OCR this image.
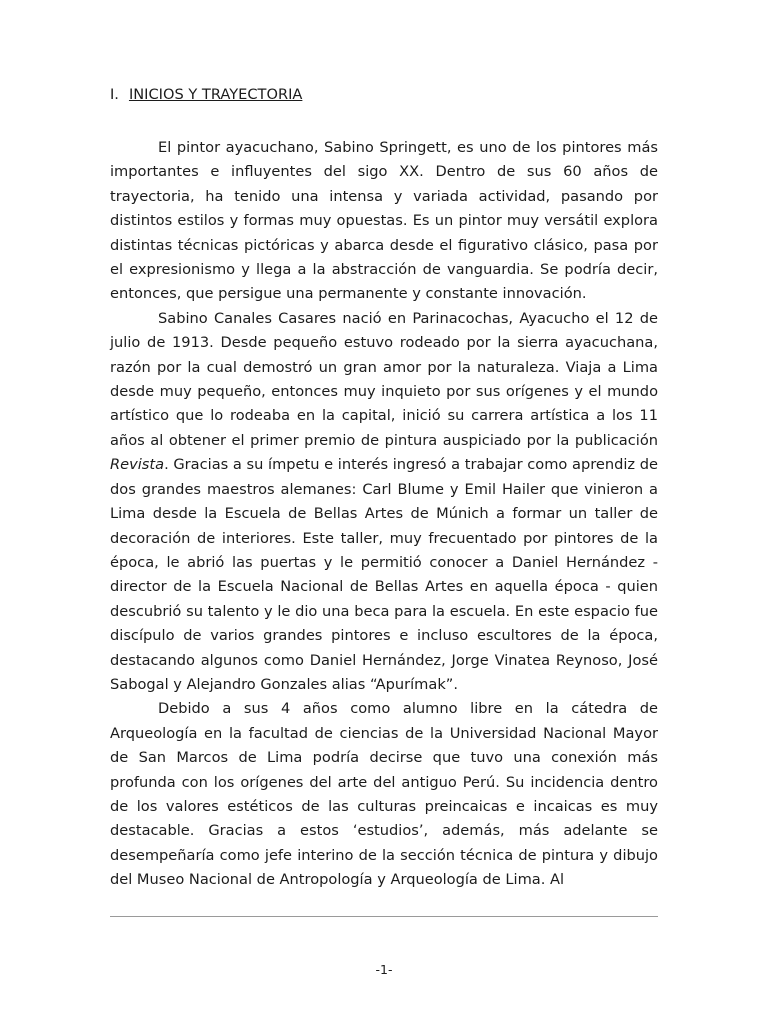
I. INICIOS Y TRAYECTORIA

El pintor ayacuchano, Sabino Springett, es uno de los pintores más importantes e influyentes del sigo XX. Dentro de sus 60 años de trayectoria, ha tenido una intensa y variada actividad, pasando por distintos estilos y formas muy opuestas. Es un pintor muy versátil explora distintas técnicas pictóricas y abarca desde el figurativo clásico, pasa por el expresionismo y llega a la abstracción de vanguardia. Se podría decir, entonces, que persigue una permanente y constante innovación.

Sabino Canales Casares nació en Parinacochas, Ayacucho el 12 de julio de 1913. Desde pequeño estuvo rodeado por la sierra ayacuchana, razón por la cual demostró un gran amor por la naturaleza. Viaja a Lima desde muy pequeño, entonces muy inquieto por sus orígenes y el mundo artístico que lo rodeaba en la capital, inició su carrera artística a los 11 años al obtener el primer premio de pintura auspiciado por la publicación Revista. Gracias a su ímpetu e interés ingresó a trabajar como aprendiz de dos grandes maestros alemanes: Carl Blume y Emil Hailer que vinieron a Lima desde la Escuela de Bellas Artes de Múnich a formar un taller de decoración de interiores. Este taller, muy frecuentado por pintores de la época, le abrió las puertas y le permitió conocer a Daniel Hernández - director de la Escuela Nacional de Bellas Artes en aquella época - quien descubrió su talento y le dio una beca para la escuela. En este espacio fue discípulo de varios grandes pintores e incluso escultores de la época, destacando algunos como Daniel Hernández, Jorge Vinatea Reynoso, José Sabogal y Alejandro Gonzales alias “Apurímak”.

Debido a sus 4 años como alumno libre en la cátedra de Arqueología en la facultad de ciencias de la Universidad Nacional Mayor de San Marcos de Lima podría decirse que tuvo una conexión más profunda con los orígenes del arte del antiguo Perú. Su incidencia dentro de los valores estéticos de las culturas preincaicas e incaicas es muy destacable. Gracias a estos ‘estudios’, además, más adelante se desempeñaría como jefe interino de la sección técnica de pintura y dibujo del Museo Nacional de Antropología y Arqueología de Lima. Al

-1-
